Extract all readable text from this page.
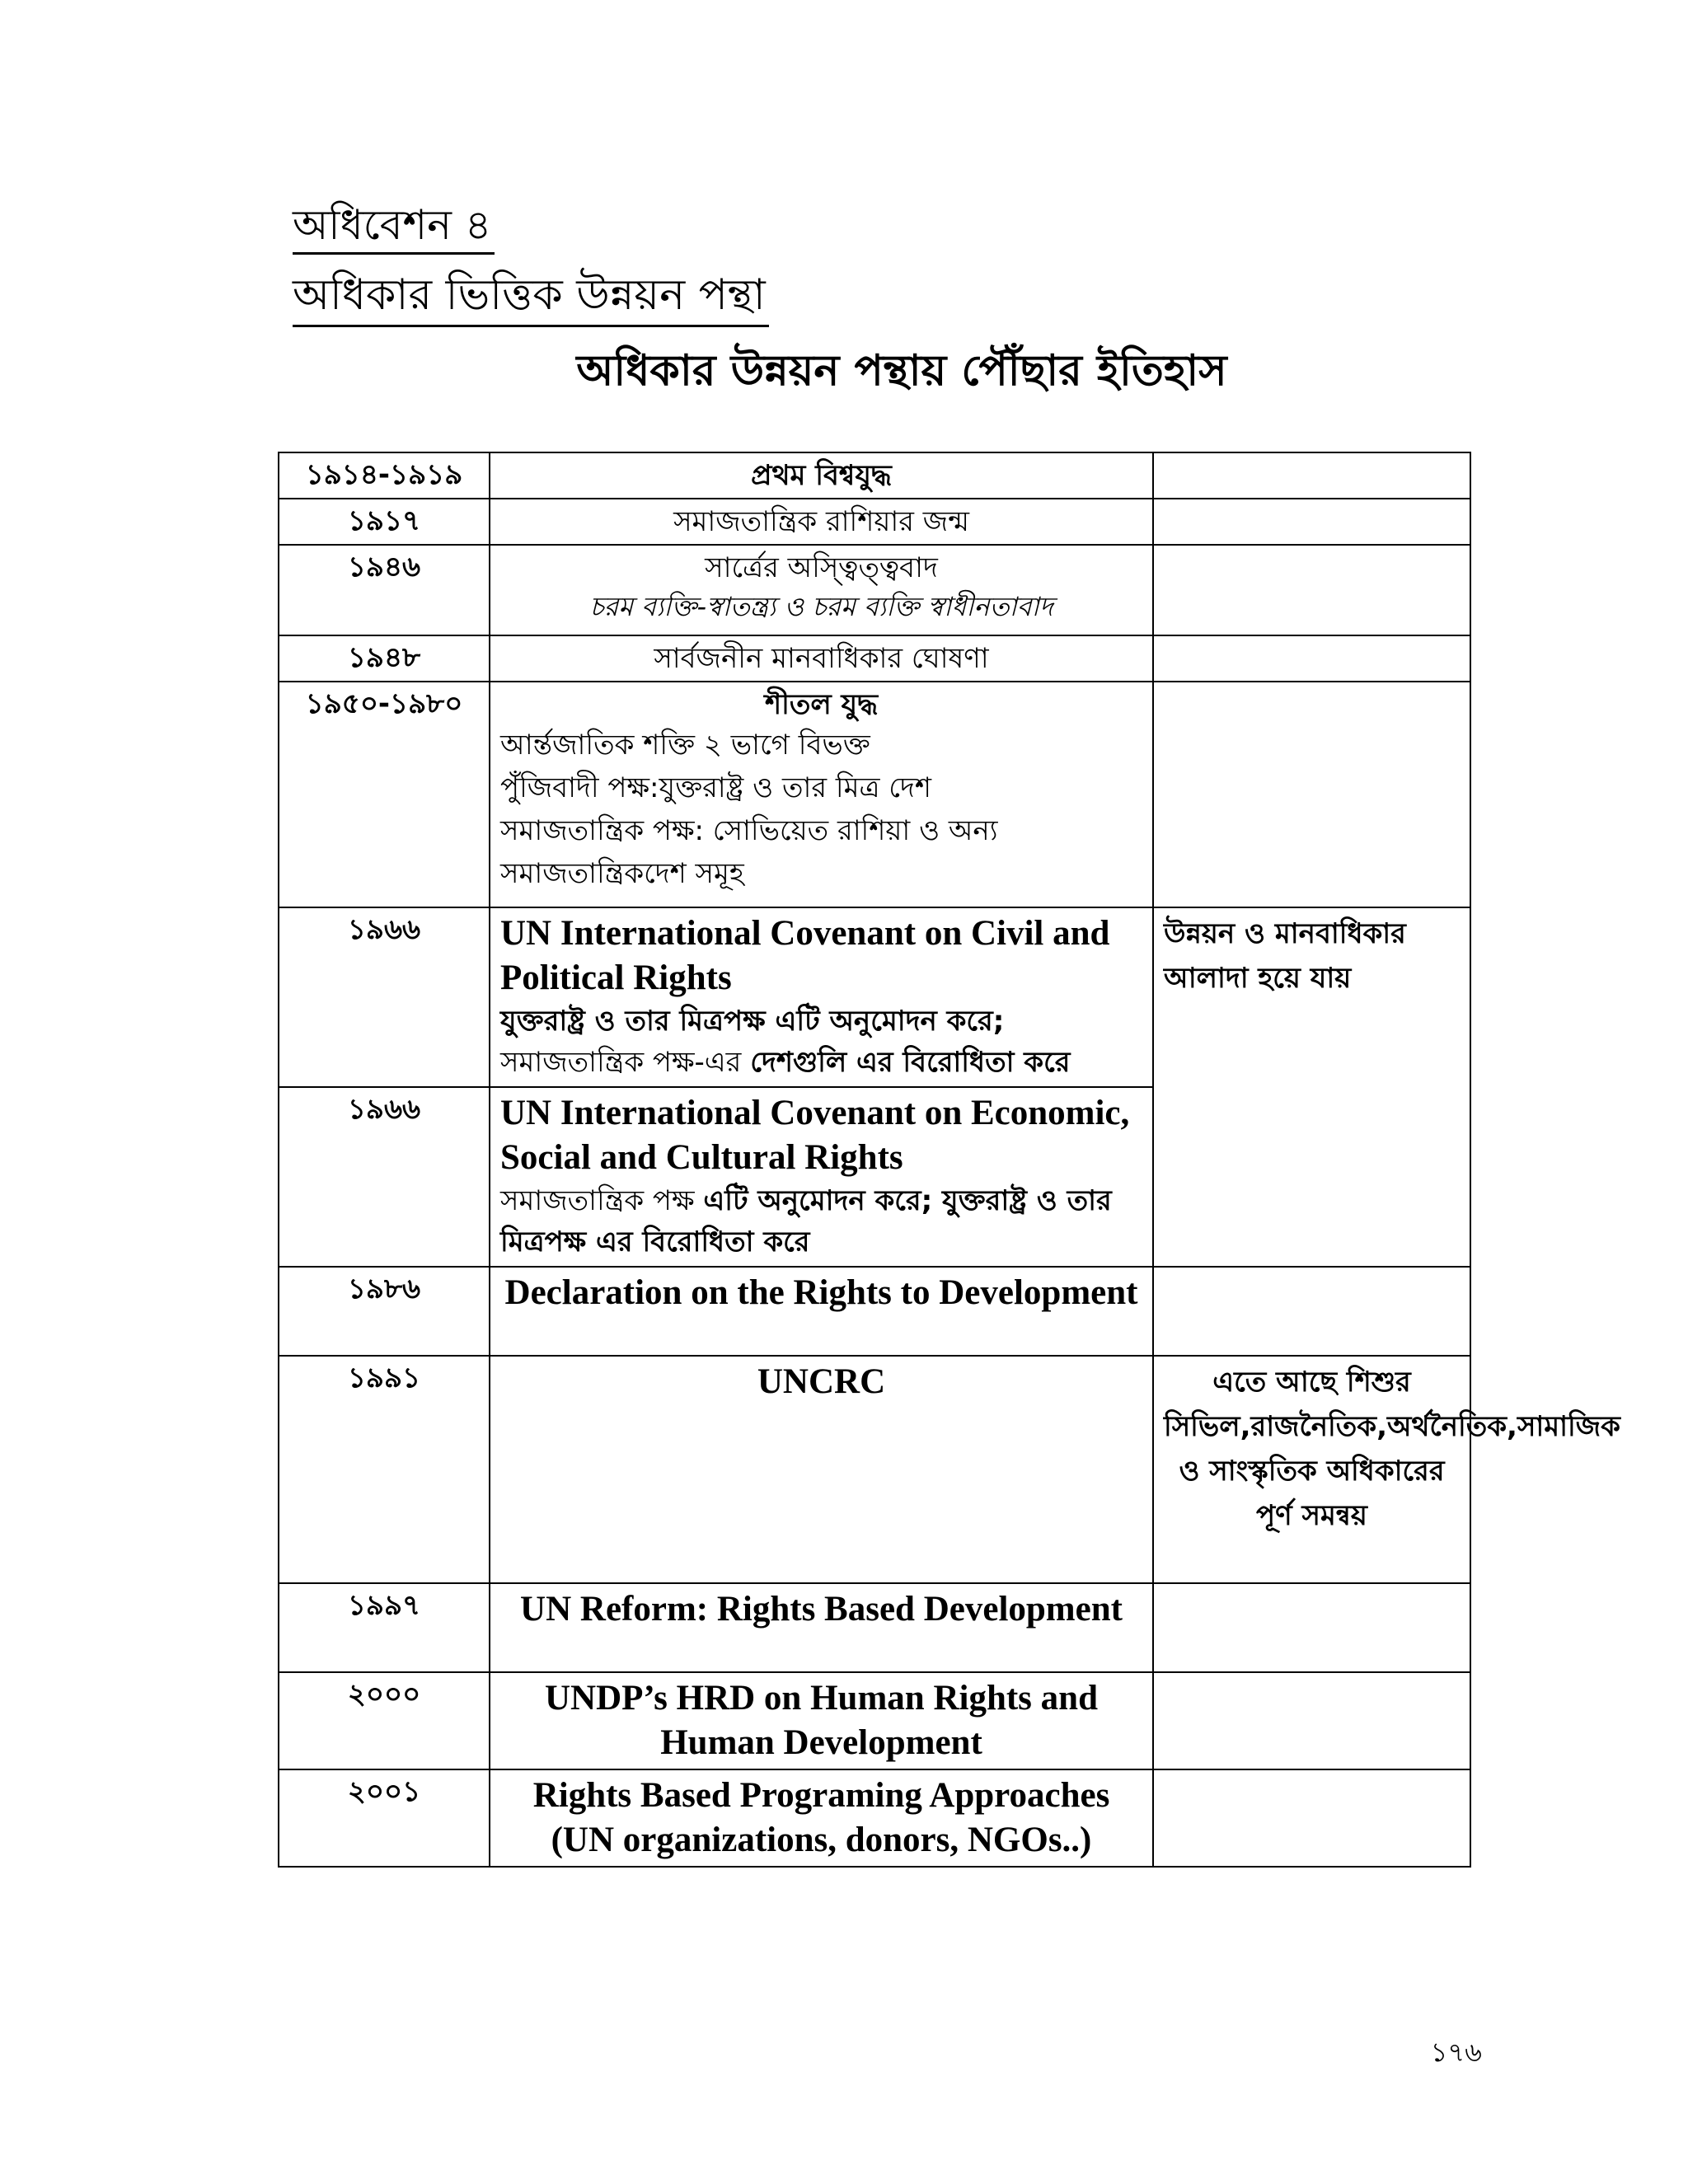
অধিবেশন ৪
অধিকার ভিত্তিক উন্নয়ন পন্থা
অধিকার উন্নয়ন পন্থায় পৌঁছার ইতিহাস
১৯১৪-১৯১৯	প্রথম বিশ্বযুদ্ধ	

১৯১৭	সমাজতান্ত্রিক রাশিয়ার জন্ম	

১৯৪৬	সার্ত্রের অস্ত্বিত্ত্ববাদ
চরম ব্যক্তি-স্বাতন্ত্র্য ও চরম ব্যক্তি স্বাধীনতাবাদ	

১৯৪৮	সার্বজনীন মানবাধিকার ঘোষণা	

১৯৫০-১৯৮০	শীতল যুদ্ধ
আর্ন্তজাতিক শক্তি ২ ভাগে বিভক্ত
পুঁজিবাদী পক্ষ:যুক্তরাষ্ট্র ও তার মিত্র দেশ
সমাজতান্ত্রিক পক্ষ: সোভিয়েত রাশিয়া ও অন্য
সমাজতান্ত্রিকদেশ সমূহ	

১৯৬৬	UN International Covenant on Civil and Political Rights
যুক্তরাষ্ট্র ও তার মিত্রপক্ষ এটি অনুমোদন করে;
সমাজতান্ত্রিক পক্ষ-এর দেশগুলি এর বিরোধিতা করে	উন্নয়ন ও মানবাধিকার আলাদা হয়ে যায়
১৯৬৬	UN International Covenant on Economic, Social and Cultural Rights
সমাজতান্ত্রিক পক্ষ এটি অনুমোদন করে; যুক্তরাষ্ট্র ও তার মিত্রপক্ষ এর বিরোধিতা করে	

১৯৮৬	Declaration on the Rights to Development	

১৯৯১	UNCRC	এতে আছে শিশুর সিভিল,রাজনৈতিক,অর্থনৈতিক,সামাজিক ও সাংস্কৃতিক অধিকারের পূর্ণ সমন্বয়
১৯৯৭	UN Reform: Rights Based Development	

২০০০	UNDP’s HRD on Human Rights and Human Development	

২০০১	Rights Based Programing Approaches (UN organizations, donors, NGOs..)	

১৭৬
